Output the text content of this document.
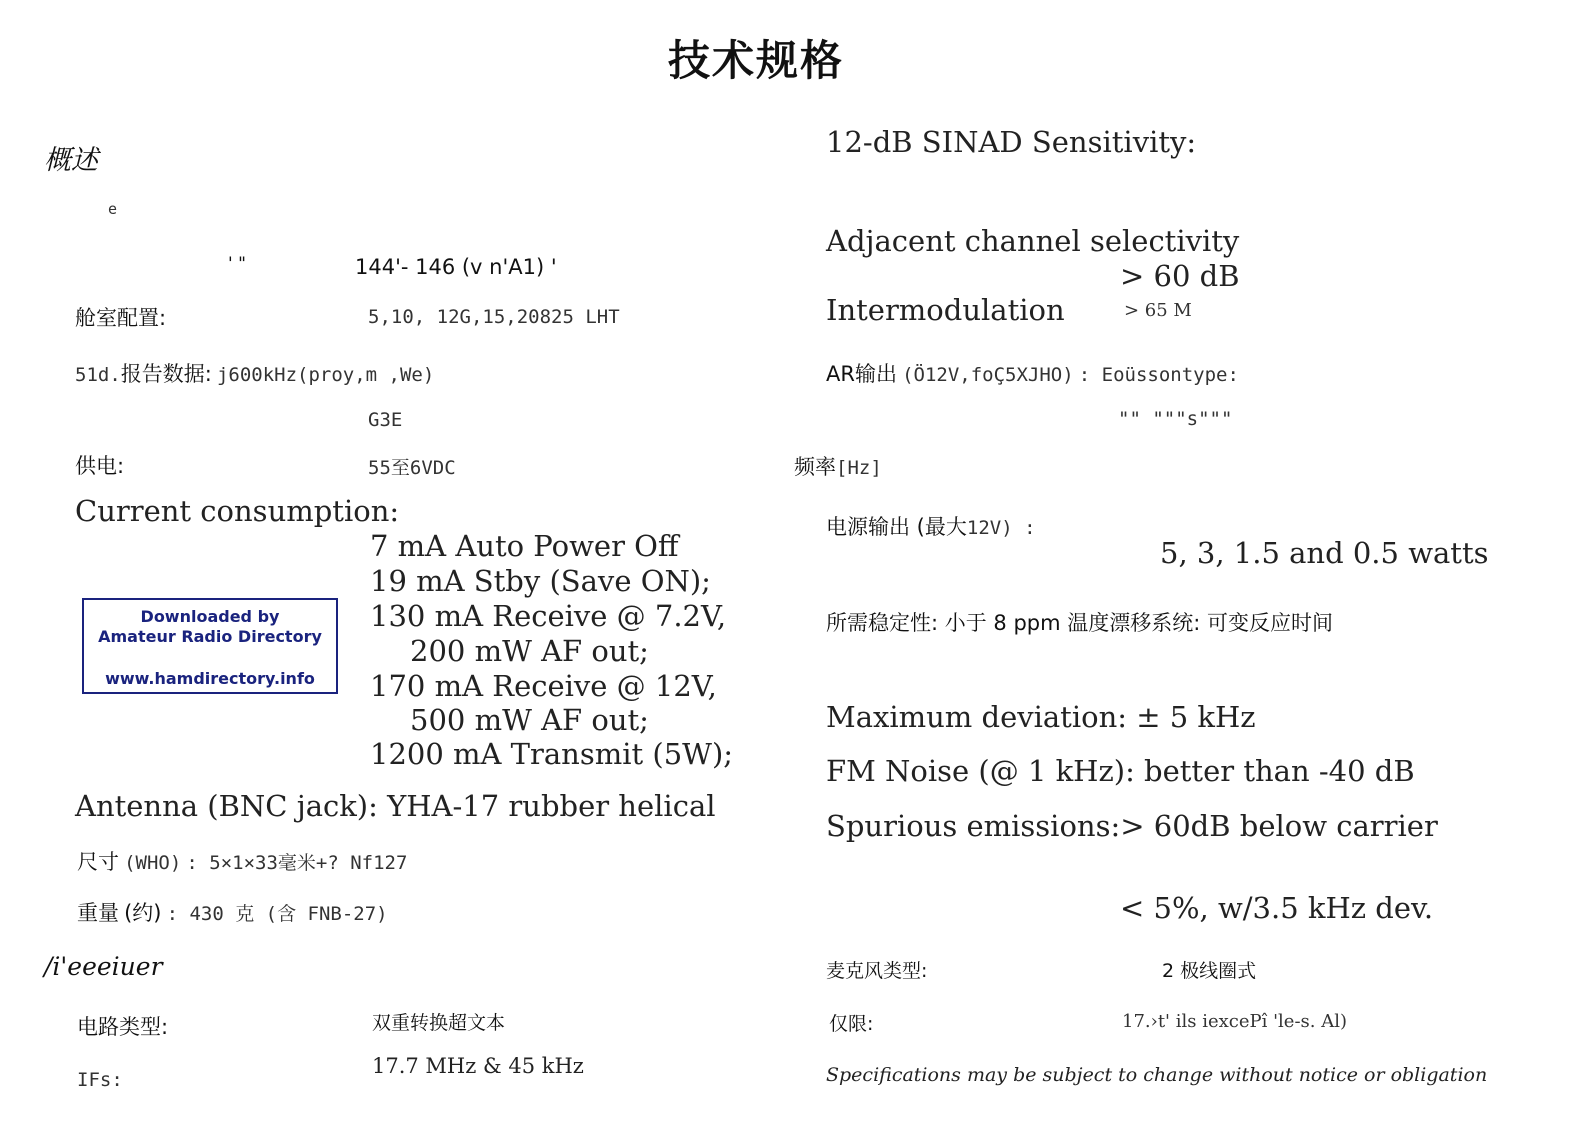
技术规格
概述
e
' "	144'- 146 (v n'A1) '
舱室配置:	5,10, 12G,15,20825 LHT
51d.报告数据: j600kHz(proy,m ,We)
G3E
供电:	55至6VDC
Current consumption:
7 mA Auto Power Off
19 mA Stby (Save ON);
130 mA Receive @ 7.2V,
200 mW AF out;
170 mA Receive @ 12V,
500 mW AF out;
1200 mA Transmit (5W);
Antenna (BNC jack): YHA-17 rubber helical
尺寸 (WHO) : 5×1×33毫米+? Nf127
重量 (约) : 430 克 (含 FNB-27)
/i'eeeiuer
电路类型:	双重转换超文本
IFs:
17.7 MHz & 45 kHz
Downloaded by
Amateur Radio Directory
www.hamdirectory.info
12-dB SINAD Sensitivity:
Adjacent channel selectivity
> 60 dB
Intermodulation	> 65 M
AR输出 (Ö12V,foÇ5XJHO) : Eoüssontype:
"" """s"""
频率[Hz]
电源输出 (最大12V) :
5, 3, 1.5 and 0.5 watts
所需稳定性: 小于 8 ppm 温度漂移系统: 可变反应时间
Maximum deviation: ± 5 kHz
FM Noise (@ 1 kHz): better than -40 dB
Spurious emissions:> 60dB below carrier
< 5%, w/3.5 kHz dev.
麦克风类型:	2 极线圈式
仅限:	17.›t' ils iexcePî 'le-s. Al)
Specifications may be subject to change without notice or obligation
